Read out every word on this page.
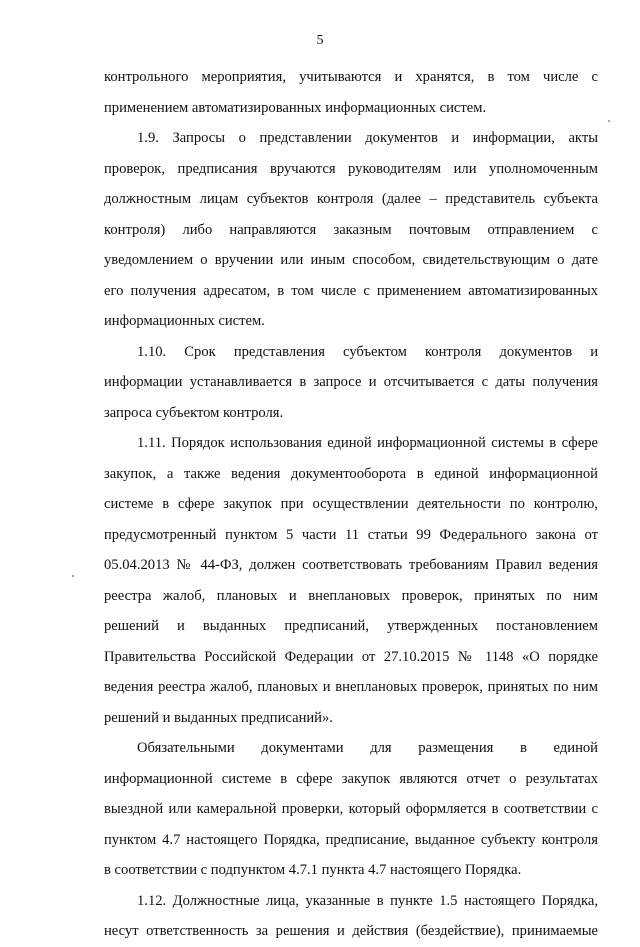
5
контрольного мероприятия, учитываются и хранятся, в том числе с
применением автоматизированных информационных систем.
1.9. Запросы о представлении документов и информации, акты
проверок, предписания вручаются руководителям или уполномоченным
должностным лицам субъектов контроля (далее – представитель субъекта
контроля) либо направляются заказным почтовым отправлением с
уведомлением о вручении или иным способом, свидетельствующим о дате
его получения адресатом, в том числе с применением автоматизированных
информационных систем.
1.10. Срок представления субъектом контроля документов и
информации устанавливается в запросе и отсчитывается с даты получения
запроса субъектом контроля.
1.11. Порядок использования единой информационной системы в сфере
закупок, а также ведения документооборота в единой информационной
системе в сфере закупок при осуществлении деятельности по контролю,
предусмотренный пунктом 5 части 11 статьи 99 Федерального закона от
05.04.2013 № 44-ФЗ, должен соответствовать требованиям Правил ведения
реестра жалоб, плановых и внеплановых проверок, принятых по ним
решений и выданных предписаний, утвержденных постановлением
Правительства Российской Федерации от 27.10.2015 № 1148 «О порядке
ведения реестра жалоб, плановых и внеплановых проверок, принятых по ним
решений и выданных предписаний».
Обязательными документами для размещения в единой
информационной системе в сфере закупок являются отчет о результатах
выездной или камеральной проверки, который оформляется в соответствии с
пунктом 4.7 настоящего Порядка, предписание, выданное субъекту контроля
в соответствии с подпунктом 4.7.1 пункта 4.7 настоящего Порядка.
1.12. Должностные лица, указанные в пункте 1.5 настоящего Порядка,
несут ответственность за решения и действия (бездействие), принимаемые
